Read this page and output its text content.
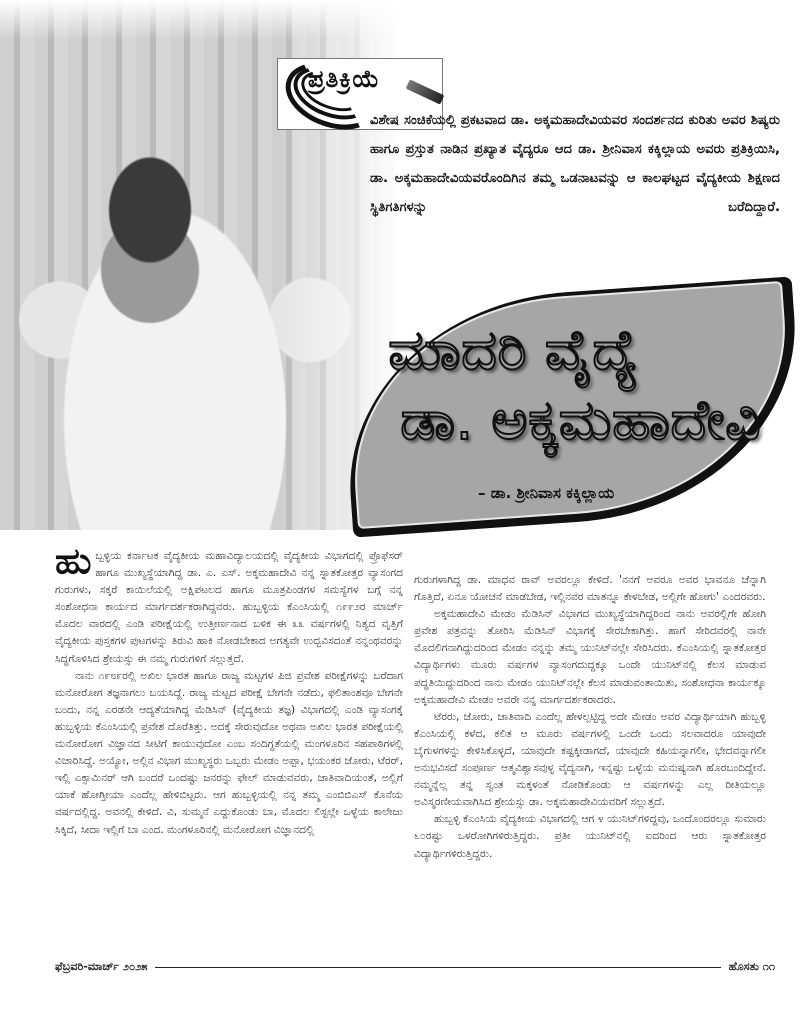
ಪ್ರತಿಕ್ರಿಯೆ
ವಿಶೇಷ ಸಂಚಿಕೆಯಲ್ಲಿ ಪ್ರಕಟವಾದ ಡಾ. ಅಕ್ಕಮಹಾದೇವಿಯವರ ಸಂದರ್ಶನದ ಕುರಿತು ಅವರ ಶಿಷ್ಯರು ಹಾಗೂ ಪ್ರಸ್ತುತ ನಾಡಿನ ಪ್ರಖ್ಯಾತ ವೈದ್ಯರೂ ಆದ ಡಾ. ಶ್ರೀನಿವಾಸ ಕಕ್ಕಿಲ್ಲಾಯ ಅವರು ಪ್ರತಿಕ್ರಿಯಿಸಿ, ಡಾ. ಅಕ್ಕಮಹಾದೇವಿಯವರೊಂದಿಗಿನ ತಮ್ಮ ಒಡನಾಟವನ್ನು ಆ ಕಾಲಘಟ್ಟದ ವೈದ್ಯಕೀಯ ಶಿಕ್ಷಣದ ಸ್ಥಿತಿಗತಿಗಳನ್ನು ಬರೆದಿದ್ದಾರೆ.
ಮಾದರಿ ವೈದ್ಯೆ
ಡಾ. ಅಕ್ಕಮಹಾದೇವಿ
– ಡಾ. ಶ್ರೀನಿವಾಸ ಕಕ್ಕಿಲ್ಲಾಯ

ಹುಬ್ಬಳ್ಳಿಯ ಕರ್ನಾಟಕ ವೈದ್ಯಕೀಯ ಮಹಾವಿದ್ಯಾಲಯದಲ್ಲಿ ವೈದ್ಯಕೀಯ ವಿಭಾಗದಲ್ಲಿ ಪ್ರೊಫೆಸರ್ ಹಾಗೂ ಮುಖ್ಯಸ್ಥೆಯಾಗಿದ್ದ ಡಾ. ಎ. ಎಸ್. ಅಕ್ಕಮಹಾದೇವಿ ನನ್ನ ಸ್ನಾತಕೋತ್ತರ ವ್ಯಾಸಂಗದ ಗುರುಗಳು, ಸಕ್ಕರೆ ಕಾಯಿಲೆಯಲ್ಲಿ ಅಕ್ಷಿಪಟಲದ ಹಾಗೂ ಮೂತ್ರಪಿಂಡಗಳ ಸಮಸ್ಯೆಗಳ ಬಗ್ಗೆ ನನ್ನ ಸಂಶೋಧನಾ ಕಾರ್ಯದ ಮಾರ್ಗದರ್ಶಕರಾಗಿದ್ದವರು. ಹುಬ್ಬಳ್ಳಿಯ ಕೆಎಂಸಿಯಲ್ಲಿ ೧೯೯೨ರ ಮಾರ್ಚ್ ಮೊದಲ ವಾರದಲ್ಲಿ ಎಂಡಿ ಪರೀಕ್ಷೆಯಲ್ಲಿ ಉತ್ತೀರ್ಣನಾದ ಬಳಿಕ ಈ ೩೩ ವರ್ಷಗಳಲ್ಲಿ ನಿತ್ಯದ ವೃತ್ತಿಗೆ ವೈದ್ಯಕೀಯ ಪುಸ್ತಕಗಳ ಪುಟಗಳನ್ನು ತಿರುವಿ ಹಾಕಿ ನೋಡಬೇಕಾದ ಅಗತ್ಯವೇ ಉದ್ಭವಿಸದಂತೆ ನನ್ನಂಥವರನ್ನು ಸಿದ್ಧಗೊಳಿಸಿದ ಶ್ರೇಯಸ್ಸು ಈ ನಮ್ಮ ಗುರುಗಳಿಗೆ ಸಲ್ಲುತ್ತದೆ.

ನಾನು ೧೯೮೯ರಲ್ಲಿ ಅಖಿಲ ಭಾರತ ಹಾಗೂ ರಾಜ್ಯ ಮಟ್ಟಗಳ ಪಿಜಿ ಪ್ರವೇಶ ಪರೀಕ್ಷೆಗಳನ್ನು ಬರೆದಾಗ ಮನೋರೋಗ ತಜ್ಞನಾಗಲು ಬಯಸಿದ್ದೆ. ರಾಜ್ಯ ಮಟ್ಟದ ಪರೀಕ್ಷೆ ಬೇಗನೇ ನಡೆದು, ಫಲಿತಾಂಶವೂ ಬೇಗನೇ ಬಂದು, ನನ್ನ ಎರಡನೇ ಆದ್ಯತೆಯಾಗಿದ್ದ ಮೆಡಿಸಿನ್ (ವೈದ್ಯಕೀಯ ತಜ್ಞ) ವಿಭಾಗದಲ್ಲಿ ಎಂಡಿ ವ್ಯಾಸಂಗಕ್ಕೆ ಹುಬ್ಬಳ್ಳಿಯ ಕೆಎಂಸಿಯಲ್ಲಿ ಪ್ರವೇಶ ದೊರೆತಿತ್ತು. ಅದಕ್ಕೆ ಸೇರುವುದೋ ಅಥವಾ ಅಖಿಲ ಭಾರತ ಪರೀಕ್ಷೆಯಲ್ಲಿ ಮನೋರೋಗ ವಿಜ್ಞಾನದ ಸೀಟಿಗೆ ಕಾಯುವುದೋ ಎಂಬ ಸಂದಿಗ್ಧತೆಯಲ್ಲಿ ಮಂಗಳೂರಿನ ಸಹಪಾಠಿಗಳಲ್ಲಿ ವಿಚಾರಿಸಿದ್ದೆ. ಅಯ್ಯೋ, ಅಲ್ಲಿನ ವಿಭಾಗ ಮುಖ್ಯಸ್ಥರು ಒಬ್ಬರು ಮೇಡಂ ಅಪ್ಪಾ, ಭಯಂಕರ ಜೋರು, ಟೆರರ್, ಇಲ್ಲಿ ಎಕ್ಸಾಮಿನರ್ ಆಗಿ ಬಂದರೆ ಒಂದಷ್ಟು ಜನರನ್ನು ಫೇಲ್ ಮಾಡುವವರು, ಜಾತಿವಾದಿಯಂತೆ, ಅಲ್ಲಿಗೆ ಯಾಕೆ ಹೋಗ್ತೀಯಾ ಎಂದೆಲ್ಲ ಹೇಳಿಬಿಟ್ಟರು. ಆಗ ಹುಬ್ಬಳ್ಳಿಯಲ್ಲಿ ನನ್ನ ತಮ್ಮ ಎಂಬಿಬಿಎಸ್ ಕೊನೆಯ ವರ್ಷದಲ್ಲಿದ್ದ. ಅವನಲ್ಲಿ ಕೇಳಿದೆ. ವಿ, ಸುಮ್ಮನೆ ಎದ್ದುಕೊಂಡು ಬಾ, ಮೊದಲ ಲಿಸ್ಟಲ್ಲೇ ಒಳ್ಳೆಯ ಕಾಲೇಜು ಸಿಕ್ಕಿದೆ, ಸೀದಾ ಇಲ್ಲಿಗೆ ಬಾ ಎಂದ. ಮಂಗಳೂರಿನಲ್ಲಿ ಮನೋರೋಗ ವಿಜ್ಞಾನದಲ್ಲಿ

ಗುರುಗಳಾಗಿದ್ದ ಡಾ. ಮಾಧವ ರಾವ್ ಅವರಲ್ಲೂ ಕೇಳಿದೆ. 'ನನಗೆ ಅವರೂ ಅವರ ಭಾವನೂ ಚೆನ್ನಾಗಿ ಗೊತ್ತಿದೆ, ಏನೂ ಯೋಚನೆ ಮಾಡಬೇಡ, ಇಲ್ಲಿನವರ ಮಾತನ್ನೂ ಕೇಳಬೇಡ, ಅಲ್ಲಿಗೇ ಹೋಗು' ಎಂದರವರು.

ಅಕ್ಕಮಹಾದೇವಿ ಮೇಡಂ ಮೆಡಿಸಿನ್ ವಿಭಾಗದ ಮುಖ್ಯಸ್ಥೆಯಾಗಿದ್ದರಿಂದ ನಾನು ಅವರಲ್ಲಿಗೇ ಹೋಗಿ ಪ್ರವೇಶ ಪತ್ರವನ್ನು ತೋರಿಸಿ ಮೆಡಿಸಿನ್ ವಿಭಾಗಕ್ಕೆ ಸೇರಬೇಕಾಗಿತ್ತು. ಹಾಗೆ ಸೇರಿದವರಲ್ಲಿ ನಾನೇ ಮೊದಲಿಗನಾಗಿದ್ದುದರಿಂದ ಮೇಡಂ ನನ್ನನ್ನು ತಮ್ಮ ಯುನಿಟ್‌ನಲ್ಲೇ ಸೇರಿಸಿದರು. ಕೆಎಂಸಿಯಲ್ಲಿ ಸ್ನಾತಕೋತ್ತರ ವಿದ್ಯಾರ್ಥಿಗಳು ಮೂರು ವರ್ಷಗಳ ವ್ಯಾಸಂಗದುದ್ದಕ್ಕೂ ಒಂದೇ ಯುನಿಟ್‌ನಲ್ಲಿ ಕೆಲಸ ಮಾಡುವ ಪದ್ಧತಿಯಿದ್ದುದರಿಂದ ನಾನು ಮೇಡಂ ಯುನಿಟ್‌ನಲ್ಲೇ ಕೆಲಸ ಮಾಡುವಂತಾಯಿತು, ಸಂಶೋಧನಾ ಕಾರ್ಯಕ್ಕೂ ಅಕ್ಕಮಹಾದೇವಿ ಮೇಡಂ ಅವರೇ ನನ್ನ ಮಾರ್ಗದರ್ಶಕರಾದರು.

ಟೆರರು, ಜೋರು, ಜಾತಿವಾದಿ ಎಂದೆಲ್ಲ ಹೇಳಲ್ಪಟ್ಟಿದ್ದ ಅದೇ ಮೇಡಂ ಅವರ ವಿದ್ಯಾರ್ಥಿಯಾಗಿ ಹುಬ್ಬಳ್ಳಿ ಕೆಎಂಸಿಯಲ್ಲಿ ಕಳೆದ, ಕಲಿತ ಆ ಮೂರು ವರ್ಷಗಳಲ್ಲಿ ಒಂದೇ ಒಂದು ಸಲವಾದರೂ ಯಾವುದೇ ಬೈಗುಳಗಳನ್ನು ಕೇಳಿಸಿಕೊಳ್ಳದೆ, ಯಾವುದೇ ಕಷ್ಟಕ್ಕೀಡಾಗದೆ, ಯಾವುದೇ ಕಹಿಯನ್ನಾಗಲೀ, ಭೇದವನ್ನಾಗಲೀ ಅನುಭವಿಸದೆ ಸಂಪೂರ್ಣ ಆತ್ಮವಿಶ್ವಾಸವುಳ್ಳ ವೈದ್ಯನಾಗಿ, ಇನ್ನಷ್ಟು ಒಳ್ಳೆಯ ಮನುಷ್ಯನಾಗಿ ಹೊರಬಂದಿದ್ದೇನೆ. ನಮ್ಮನ್ನೆಲ್ಲ ತನ್ನ ಸ್ವಂತ ಮಕ್ಕಳಂತೆ ನೋಡಿಕೊಂಡು ಆ ವರ್ಷಗಳನ್ನು ಎಲ್ಲ ರೀತಿಯಲ್ಲೂ ಅವಿಸ್ಮರಣೀಯವಾಗಿಸಿದ ಶ್ರೇಯಸ್ಸು ಡಾ. ಅಕ್ಕಮಹಾದೇವಿಯವರಿಗೆ ಸಲ್ಲುತ್ತದೆ.

ಹುಬ್ಬಳ್ಳಿ ಕೆಎಂಸಿಯ ವೈದ್ಯಕೀಯ ವಿಭಾಗದಲ್ಲಿ ಆಗ ೪ ಯುನಿಟ್‌ಗಳಿದ್ದವು, ಒಂದೊಂದರಲ್ಲೂ ಸುಮಾರು ೬೦ರಷ್ಟು ಒಳರೋಗಿಗಳಿರುತ್ತಿದ್ದರು. ಪ್ರತೀ ಯುನಿಟ್‌ನಲ್ಲಿ ಐದರಿಂದ ಆರು ಸ್ನಾತಕೋತ್ತರ ವಿದ್ಯಾರ್ಥಿಗಳಿರುತ್ತಿದ್ದರು.

ಫೆಬ್ರವರಿ-ಮಾರ್ಚ್ ೨೦೨೫	ಹೊಸತು ೧೧
